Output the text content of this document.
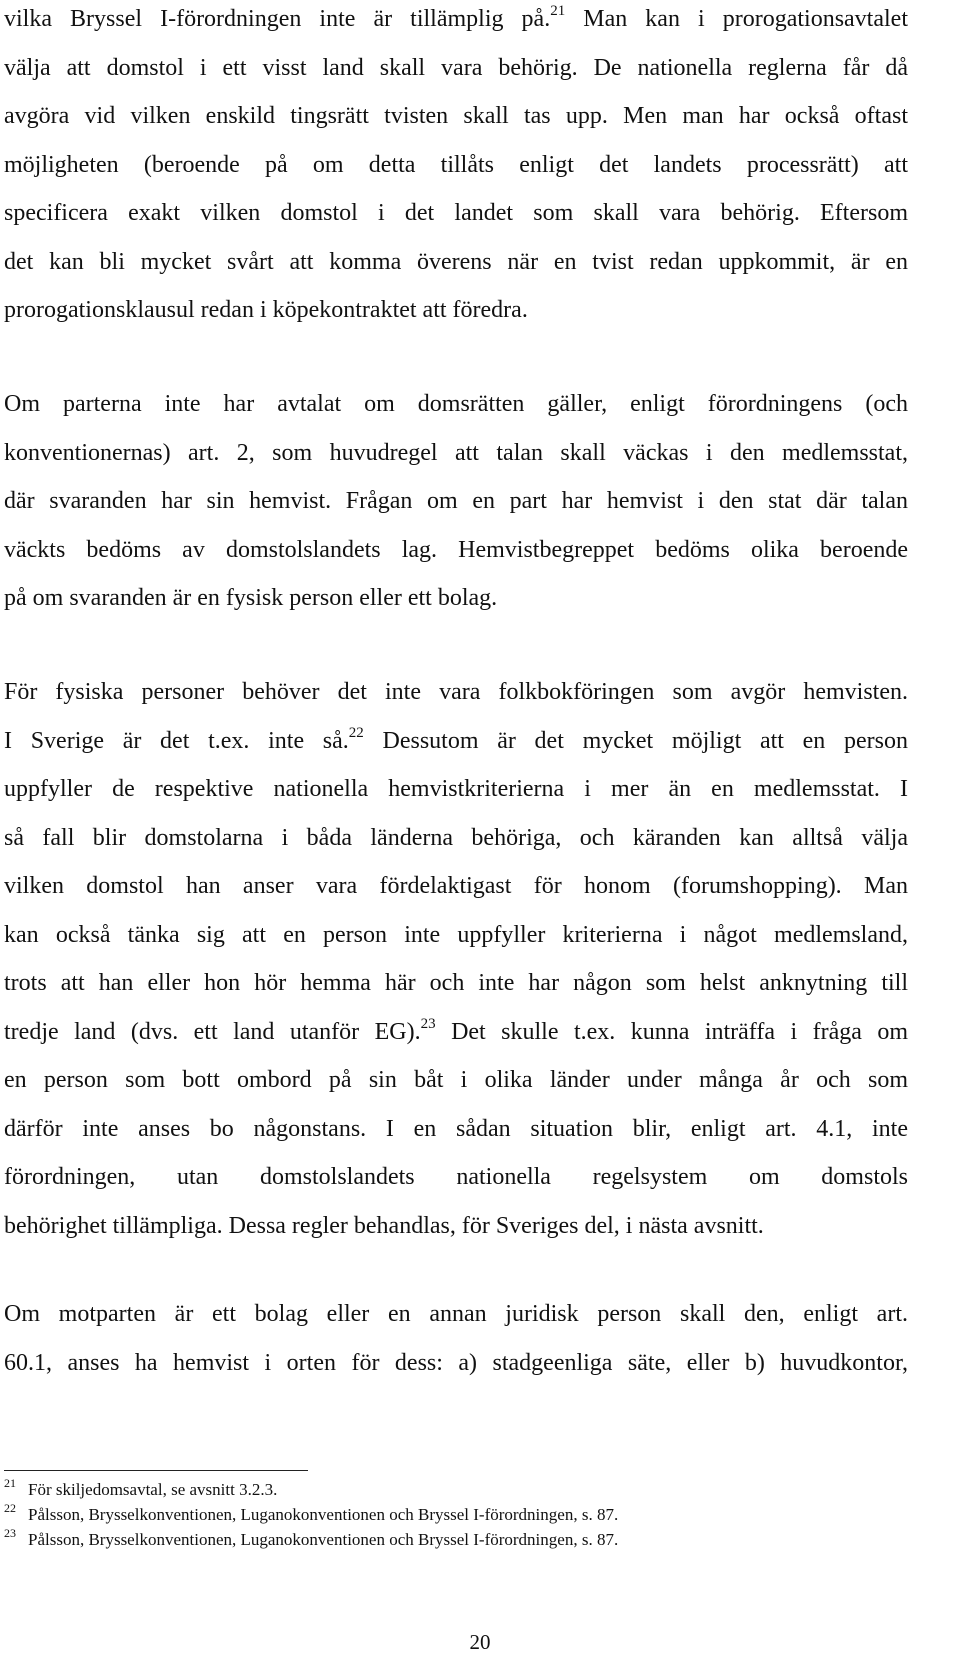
vilka Bryssel I-förordningen inte är tillämplig på.$^{21}$ Man kan i prorogationsavtalet
välja att domstol i ett visst land skall vara behörig. De nationella reglerna får då
avgöra vid vilken enskild tingsrätt tvisten skall tas upp. Men man har också oftast
möjligheten (beroende på om detta tillåts enligt det landets processrätt) att
specificera exakt vilken domstol i det landet som skall vara behörig. Eftersom
det kan bli mycket svårt att komma överens när en tvist redan uppkommit, är en
prorogationsklausul redan i köpekontraktet att föredra.
Om parterna inte har avtalat om domsrätten gäller, enligt förordningens (och
konventionernas) art. 2, som huvudregel att talan skall väckas i den medlemsstat,
där svaranden har sin hemvist. Frågan om en part har hemvist i den stat där talan
väckts bedöms av domstolslandets lag. Hemvistbegreppet bedöms olika beroende
på om svaranden är en fysisk person eller ett bolag.
För fysiska personer behöver det inte vara folkbokföringen som avgör hemvisten.
I Sverige är det t.ex. inte så.$^{22}$ Dessutom är det mycket möjligt att en person
uppfyller de respektive nationella hemvistkriterierna i mer än en medlemsstat. I
så fall blir domstolarna i båda länderna behöriga, och käranden kan alltså välja
vilken domstol han anser vara fördelaktigast för honom (forumshopping). Man
kan också tänka sig att en person inte uppfyller kriterierna i något medlemsland,
trots att han eller hon hör hemma här och inte har någon som helst anknytning till
tredje land (dvs. ett land utanför EG).$^{23}$ Det skulle t.ex. kunna inträffa i fråga om
en person som bott ombord på sin båt i olika länder under många år och som
därför inte anses bo någonstans. I en sådan situation blir, enligt art. 4.1, inte
förordningen, utan domstolslandets nationella regelsystem om domstols
behörighet tillämpliga. Dessa regler behandlas, för Sveriges del, i nästa avsnitt.
Om motparten är ett bolag eller en annan juridisk person skall den, enligt art.
60.1, anses ha hemvist i orten för dess: a) stadgeenliga säte, eller b) huvudkontor,
21 För skiljedomsavtal, se avsnitt 3.2.3.
22 Pålsson, Brysselkonventionen, Luganokonventionen och Bryssel I-förordningen, s. 87.
23 Pålsson, Brysselkonventionen, Luganokonventionen och Bryssel I-förordningen, s. 87.
20
